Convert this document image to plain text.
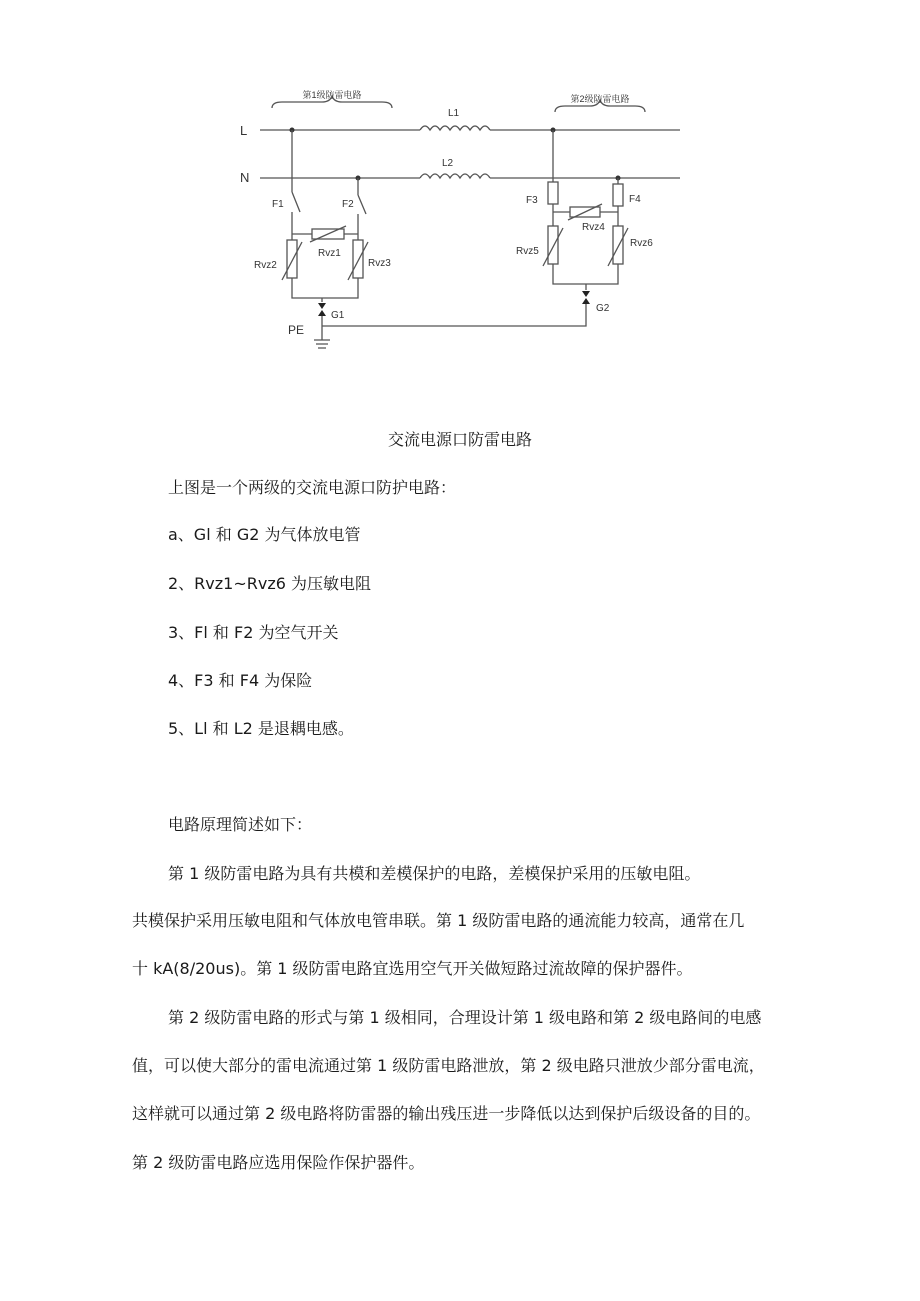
第1级防雷电路	第2级防雷电路
L
L1
N
L2
F1	F2
Rvz1
Rvz2	Rvz3
G1
PE
F3	F4
Rvz4
Rvz5
Rvz6
G2
交流电源口防雷电路
上图是一个两级的交流电源口防护电路：
a、Gl 和 G2 为气体放电管
2、Rvz1~Rvz6 为压敏电阻
3、Fl 和 F2 为空气开关
4、F3 和 F4 为保险
5、Ll 和 L2 是退耦电感。
电路原理简述如下：
第 1 级防雷电路为具有共模和差模保护的电路，差模保护采用的压敏电阻。
共模保护采用压敏电阻和气体放电管串联。第 1 级防雷电路的通流能力较高，通常在几
十 kA(8/20us)。第 1 级防雷电路宜选用空气开关做短路过流故障的保护器件。
第 2 级防雷电路的形式与第 1 级相同，合理设计第 1 级电路和第 2 级电路间的电感
值，可以使大部分的雷电流通过第 1 级防雷电路泄放，第 2 级电路只泄放少部分雷电流，
这样就可以通过第 2 级电路将防雷器的输出残压进一步降低以达到保护后级设备的目的。
第 2 级防雷电路应选用保险作保护器件。
